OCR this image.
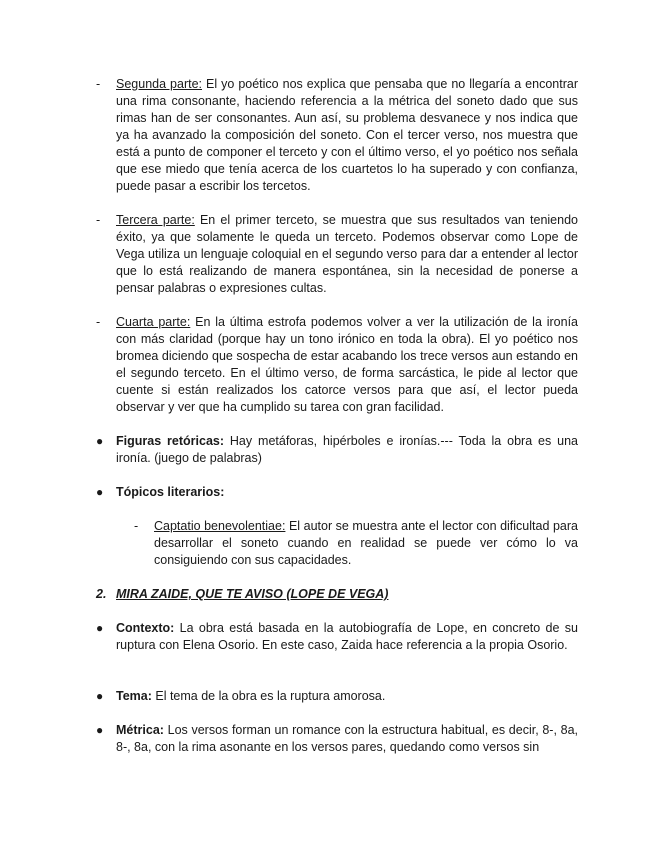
- Segunda parte: El yo poético nos explica que pensaba que no llegaría a encontrar una rima consonante, haciendo referencia a la métrica del soneto dado que sus rimas han de ser consonantes. Aun así, su problema desvanece y nos indica que ya ha avanzado la composición del soneto. Con el tercer verso, nos muestra que está a punto de componer el terceto y con el último verso, el yo poético nos señala que ese miedo que tenía acerca de los cuartetos lo ha superado y con confianza, puede pasar a escribir los tercetos.
- Tercera parte: En el primer terceto, se muestra que sus resultados van teniendo éxito, ya que solamente le queda un terceto. Podemos observar como Lope de Vega utiliza un lenguaje coloquial en el segundo verso para dar a entender al lector que lo está realizando de manera espontánea, sin la necesidad de ponerse a pensar palabras o expresiones cultas.
- Cuarta parte: En la última estrofa podemos volver a ver la utilización de la ironía con más claridad (porque hay un tono irónico en toda la obra). El yo poético nos bromea diciendo que sospecha de estar acabando los trece versos aun estando en el segundo terceto. En el último verso, de forma sarcástica, le pide al lector que cuente si están realizados los catorce versos para que así, el lector pueda observar y ver que ha cumplido su tarea con gran facilidad.
● Figuras retóricas: Hay metáforas, hipérboles e ironías.--- Toda la obra es una ironía. (juego de palabras)
● Tópicos literarios:
- Captatio benevolentiae: El autor se muestra ante el lector con dificultad para desarrollar el soneto cuando en realidad se puede ver cómo lo va consiguiendo con sus capacidades.
2. MIRA ZAIDE, QUE TE AVISO (LOPE DE VEGA)
● Contexto: La obra está basada en la autobiografía de Lope, en concreto de su ruptura con Elena Osorio. En este caso, Zaida hace referencia a la propia Osorio.
● Tema: El tema de la obra es la ruptura amorosa.
● Métrica: Los versos forman un romance con la estructura habitual, es decir, 8-, 8a, 8-, 8a, con la rima asonante en los versos pares, quedando como versos sin
